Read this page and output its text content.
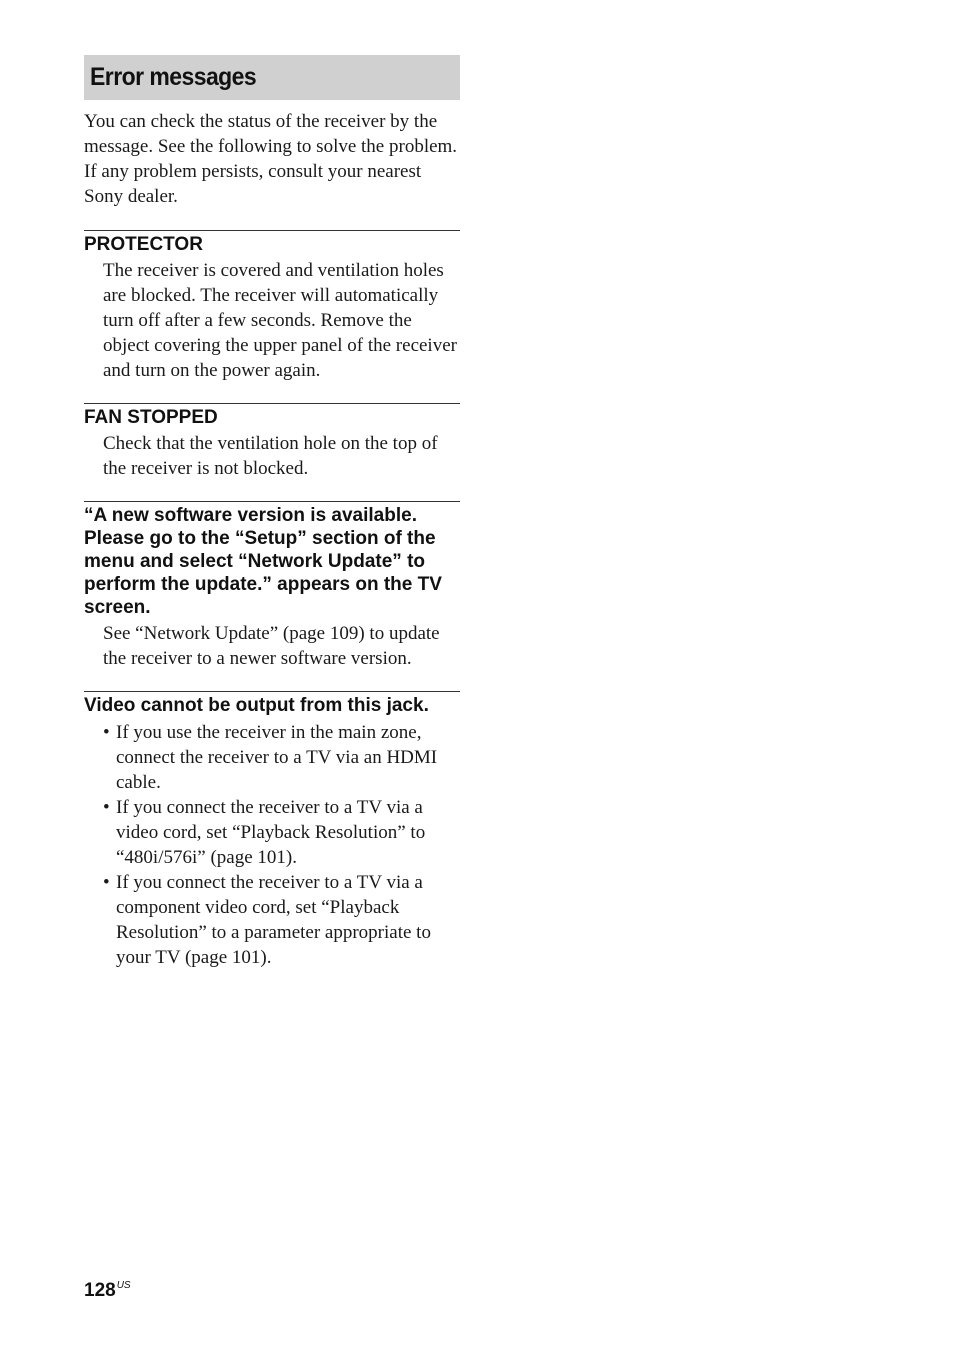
Error messages

You can check the status of the receiver by the message. See the following to solve the problem. If any problem persists, consult your nearest Sony dealer.

PROTECTOR

The receiver is covered and ventilation holes are blocked. The receiver will automatically turn off after a few seconds. Remove the object covering the upper panel of the receiver and turn on the power again.

FAN STOPPED

Check that the ventilation hole on the top of the receiver is not blocked.

“A new software version is available. Please go to the “Setup” section of the menu and select “Network Update” to perform the update.” appears on the TV screen.

See “Network Update” (page 109) to update the receiver to a newer software version.

Video cannot be output from this jack.
• If you use the receiver in the main zone, connect the receiver to a TV via an HDMI cable.
• If you connect the receiver to a TV via a video cord, set “Playback Resolution” to “480i/576i” (page 101).
• If you connect the receiver to a TV via a component video cord, set “Playback Resolution” to a parameter appropriate to your TV (page 101).
$128^{US}$
